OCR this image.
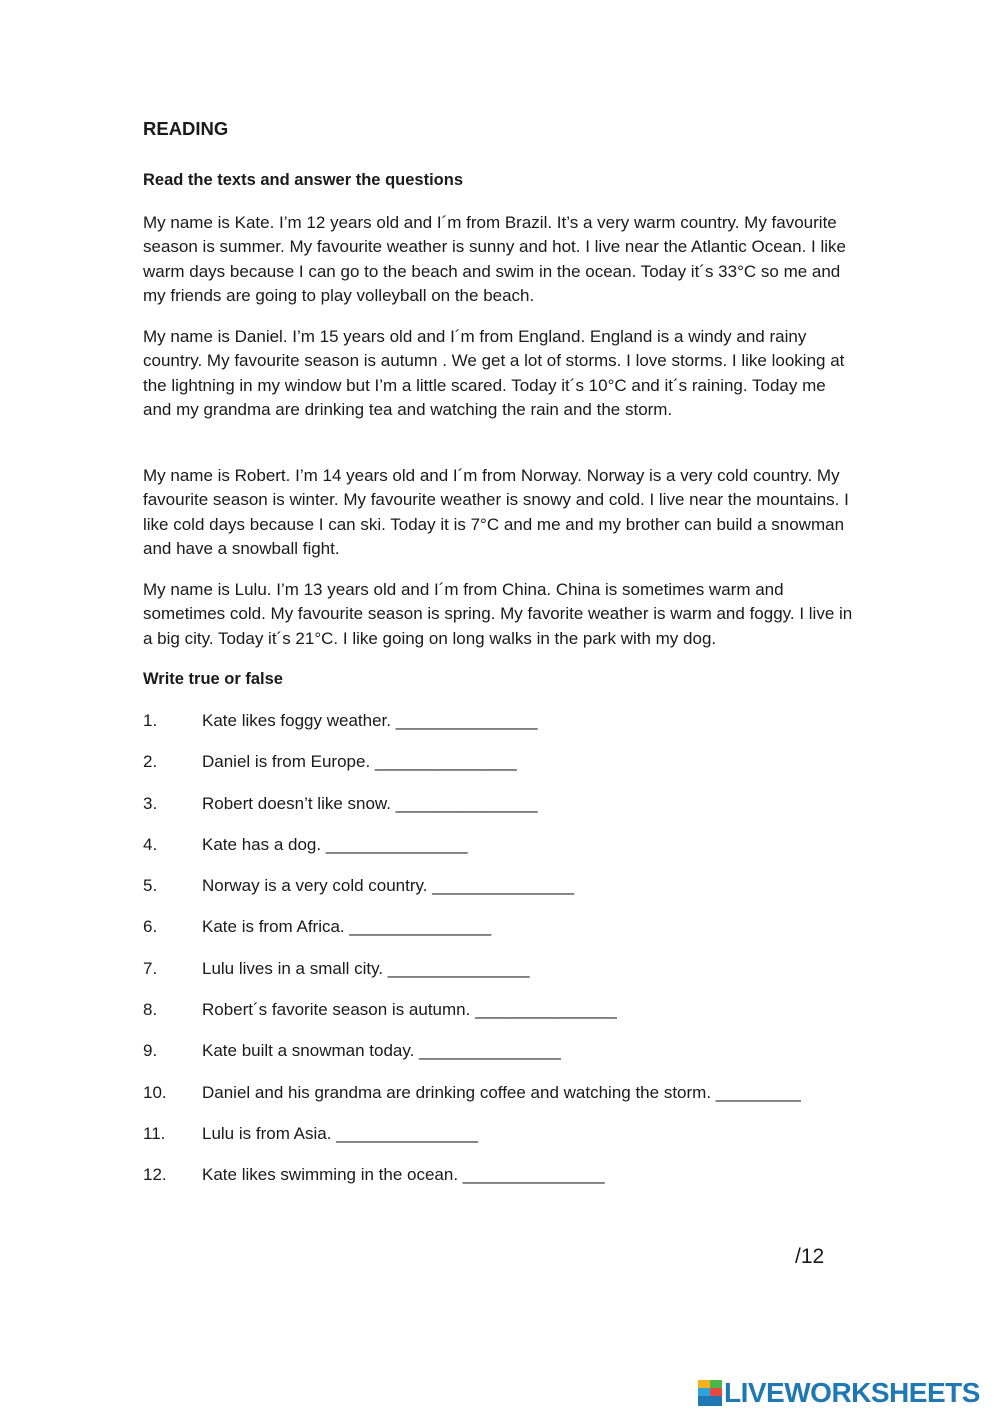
READING

Read the texts and answer the questions

My name is Kate. I’m 12 years old and I´m from Brazil. It’s a very warm country. My favourite season is summer. My favourite weather is sunny and hot. I live near the Atlantic Ocean. I like warm days because I can go to the beach and swim in the ocean. Today it´s 33°C so me and my friends are going to play volleyball on the beach.

My name is Daniel. I’m 15 years old and I´m from England. England is a windy and rainy country. My favourite season is autumn . We get a lot of storms. I love storms. I like looking at the lightning in my window but I’m a little scared. Today it´s 10°C and it´s raining. Today me and my grandma are drinking tea and watching the rain and the storm.

My name is Robert. I’m 14 years old and I´m from Norway. Norway is a very cold country. My favourite season is winter. My favourite weather is snowy and cold. I live near the mountains. I like cold days because I can ski. Today it is 7°C and me and my brother can build a snowman and have a snowball fight.

My name is Lulu. I’m 13 years old and I´m from China. China is sometimes warm and sometimes cold. My favourite season is spring. My favorite weather is warm and foggy. I live in a big city. Today it´s 21°C. I like going on long walks in the park with my dog.

Write true or false

1.	Kate likes foggy weather. _______________
2.	Daniel is from Europe. _______________
3.	Robert doesn’t like snow. _______________
4.	Kate has a dog. _______________
5.	Norway is a very cold country. _______________
6.	Kate is from Africa. _______________
7.	Lulu lives in a small city. _______________
8.	Robert´s favorite season is autumn. _______________
9.	Kate built a snowman today. _______________
10. Daniel and his grandma are drinking coffee and watching the storm. _________
11. Lulu is from Asia. _______________
12. Kate likes swimming in the ocean. _______________

/12

LIVEWORKSHEETS
